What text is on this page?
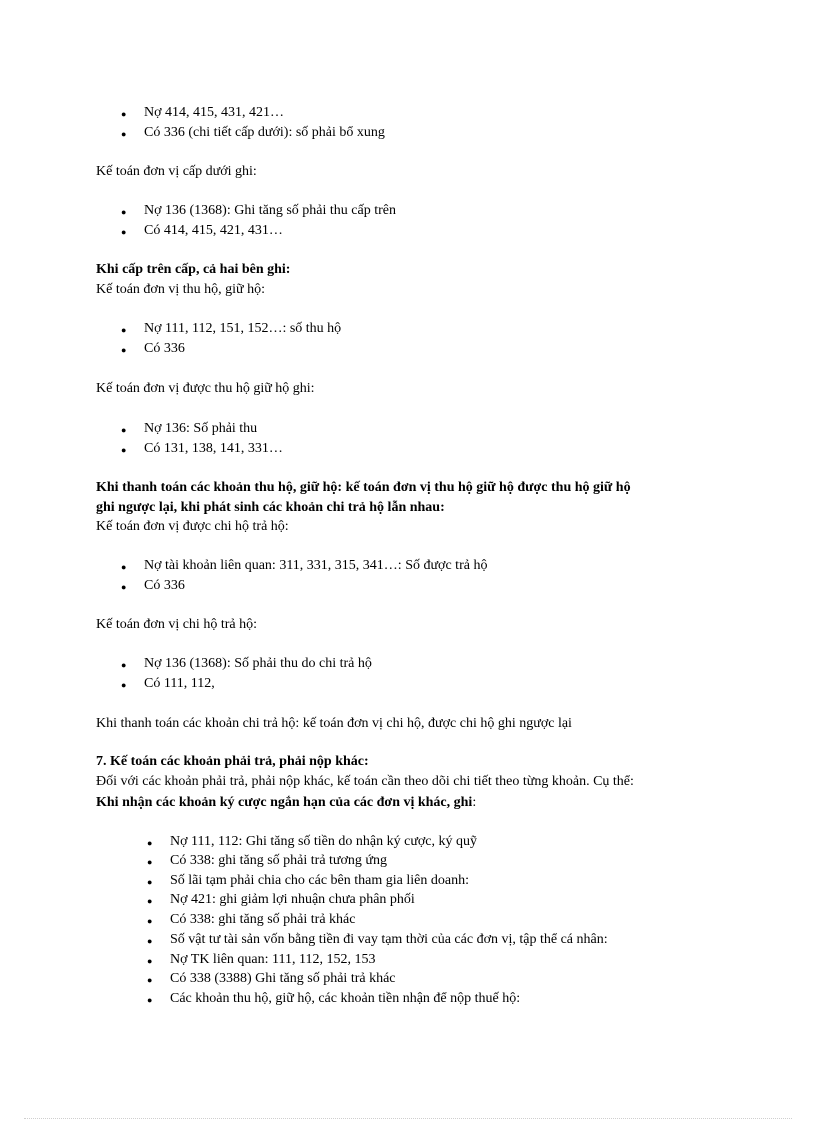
● Nợ 414, 415, 431, 421…
● Có 336 (chi tiết cấp dưới): số phải bổ xung
Kế toán đơn vị cấp dưới ghi:
● Nợ 136 (1368): Ghi tăng số phải thu cấp trên
● Có 414, 415, 421, 431…
Khi cấp trên cấp, cả hai bên ghi:
Kế toán đơn vị thu hộ, giữ hộ:
● Nợ 111, 112, 151, 152…: số thu hộ
● Có 336
Kế toán đơn vị được thu hộ giữ hộ ghi:
● Nợ 136: Số phải thu
● Có 131, 138, 141, 331…
Khi thanh toán các khoản thu hộ, giữ hộ: kế toán đơn vị thu hộ giữ hộ được thu hộ giữ hộ
ghi ngược lại, khi phát sinh các khoản chi trả hộ lẫn nhau:
Kế toán đơn vị được chi hộ trả hộ:
● Nợ tài khoản liên quan: 311, 331, 315, 341…: Số được trả hộ
● Có 336
Kế toán đơn vị chi hộ trả hộ:
● Nợ 136 (1368): Số phải thu do chi trả hộ
● Có 111, 112,
Khi thanh toán các khoản chi trả hộ: kế toán đơn vị chi hộ, được chi hộ ghi ngược lại
7. Kế toán các khoản phải trả, phải nộp khác:
Đối với các khoản phải trả, phải nộp khác, kế toán cần theo dõi chi tiết theo từng khoản. Cụ thể:
Khi nhận các khoản ký cược ngắn hạn của các đơn vị khác, ghi:
● Nợ 111, 112: Ghi tăng số tiền do nhận ký cược, ký quỹ
● Có 338: ghi tăng số phải trả tương ứng
● Số lãi tạm phải chia cho các bên tham gia liên doanh:
● Nợ 421: ghi giảm lợi nhuận chưa phân phối
● Có 338: ghi tăng số phải trả khác
● Số vật tư tài sản vốn bằng tiền đi vay tạm thời của các đơn vị, tập thể cá nhân:
● Nợ TK liên quan: 111, 112, 152, 153
● Có 338 (3388) Ghi tăng số phải trả khác
● Các khoản thu hộ, giữ hộ, các khoản tiền nhận để nộp thuế hộ:
